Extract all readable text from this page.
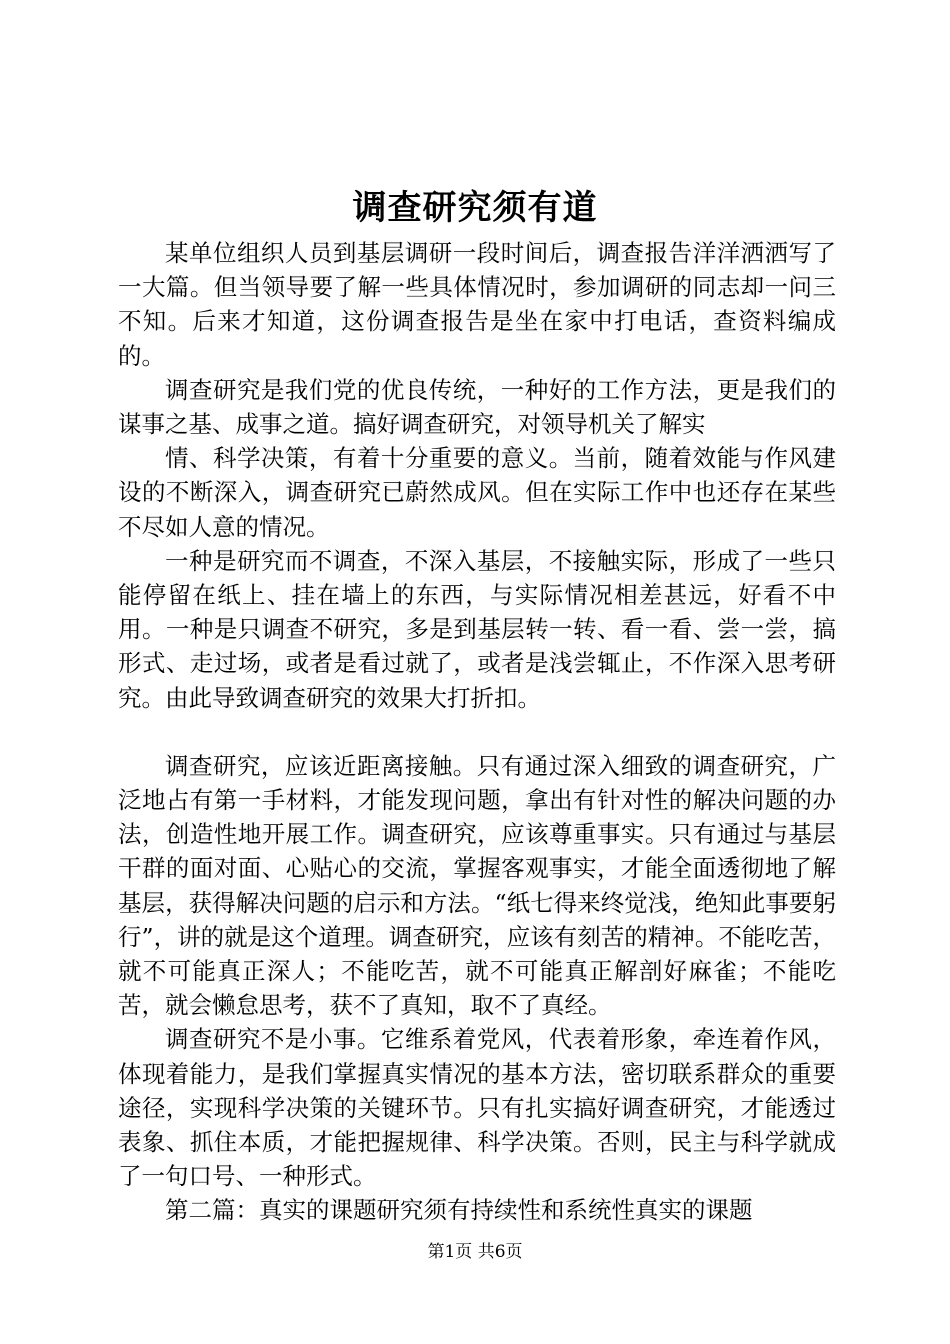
调查研究须有道

某单位组织人员到基层调研一段时间后，调查报告洋洋洒洒写了一大篇。但当领导要了解一些具体情况时，参加调研的同志却一问三不知。后来才知道，这份调查报告是坐在家中打电话，查资料编成的。

调查研究是我们党的优良传统，一种好的工作方法，更是我们的谋事之基、成事之道。搞好调查研究，对领导机关了解实

情、科学决策，有着十分重要的意义。当前，随着效能与作风建设的不断深入，调查研究已蔚然成风。但在实际工作中也还存在某些不尽如人意的情况。

一种是研究而不调查，不深入基层，不接触实际，形成了一些只能停留在纸上、挂在墙上的东西，与实际情况相差甚远，好看不中用。一种是只调查不研究，多是到基层转一转、看一看、尝一尝，搞形式、走过场，或者是看过就了，或者是浅尝辄止，不作深入思考研究。由此导致调查研究的效果大打折扣。

调查研究，应该近距离接触。只有通过深入细致的调查研究，广泛地占有第一手材料，才能发现问题，拿出有针对性的解决问题的办法，创造性地开展工作。调查研究，应该尊重事实。只有通过与基层干群的面对面、心贴心的交流，掌握客观事实，才能全面透彻地了解基层，获得解决问题的启示和方法。“纸七得来终觉浅，绝知此事要躬行”，讲的就是这个道理。调查研究，应该有刻苦的精神。不能吃苦，就不可能真正深人；不能吃苦，就不可能真正解剖好麻雀；不能吃苦，就会懒怠思考，获不了真知，取不了真经。

调查研究不是小事。它维系着党风，代表着形象，牵连着作风，体现着能力，是我们掌握真实情况的基本方法，密切联系群众的重要途径，实现科学决策的关键环节。只有扎实搞好调查研究，才能透过表象、抓住本质，才能把握规律、科学决策。否则，民主与科学就成了一句口号、一种形式。

第二篇：真实的课题研究须有持续性和系统性真实的课题

第1页 共6页
